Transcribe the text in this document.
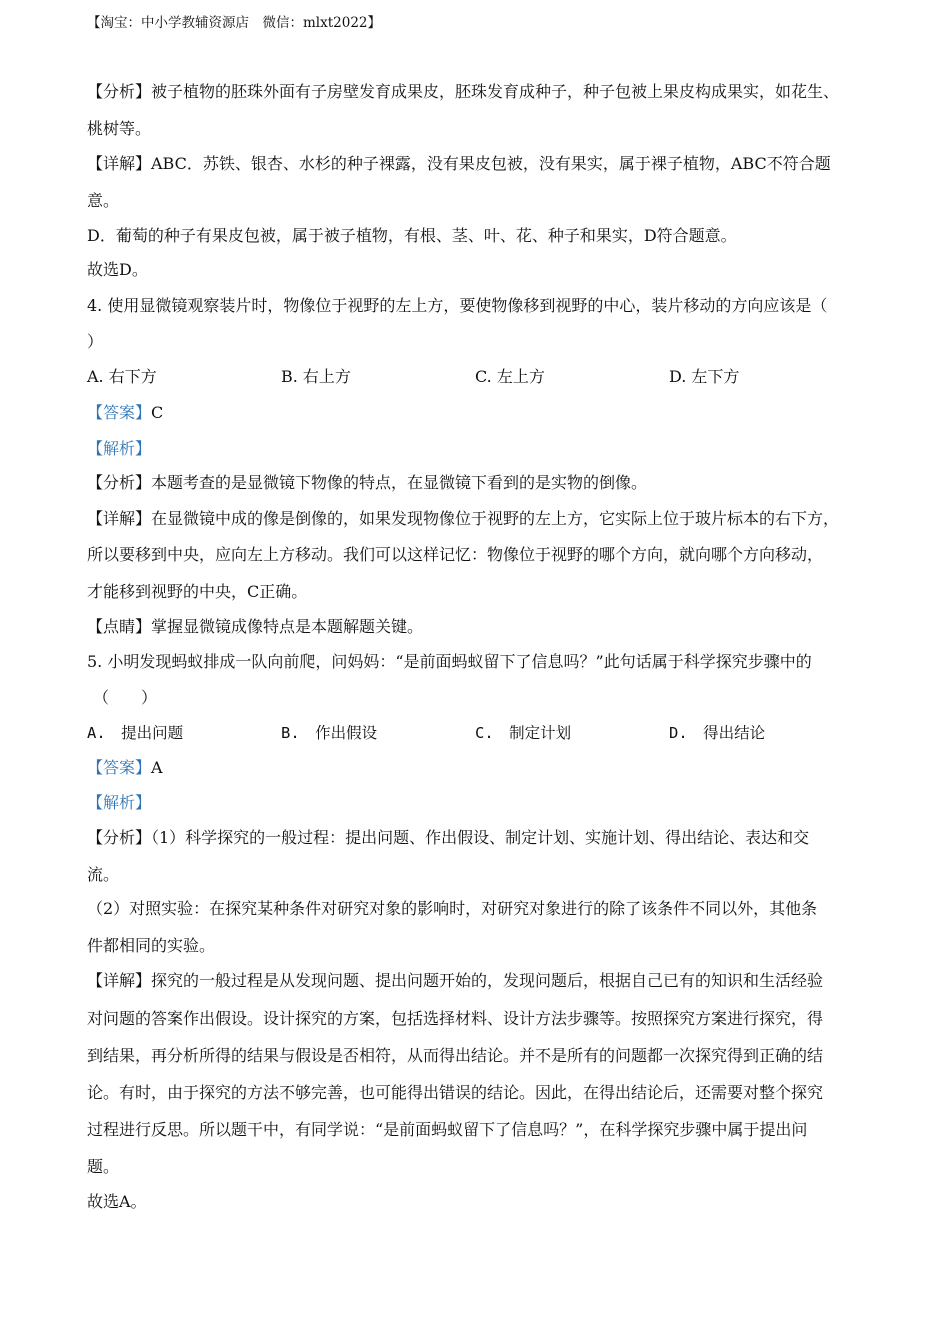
【淘宝：中小学教辅资源店　微信：mlxt2022】
【分析】被子植物的胚珠外面有子房壁发育成果皮，胚珠发育成种子，种子包被上果皮构成果实，如花生、
桃树等。
【详解】ABC．苏铁、银杏、水杉的种子裸露，没有果皮包被，没有果实，属于裸子植物，ABC不符合题
意。
D．葡萄的种子有果皮包被，属于被子植物，有根、茎、叶、花、种子和果实，D符合题意。
故选D。
4. 使用显微镜观察装片时，物像位于视野的左上方，要使物像移到视野的中心，装片移动的方向应该是（
）
A. 右下方	B. 右上方	C. 左上方	D. 左下方
【答案】C
【解析】
【分析】本题考查的是显微镜下物像的特点，在显微镜下看到的是实物的倒像。
【详解】在显微镜中成的像是倒像的，如果发现物像位于视野的左上方，它实际上位于玻片标本的右下方，
所以要移到中央，应向左上方移动。我们可以这样记忆：物像位于视野的哪个方向，就向哪个方向移动，
才能移到视野的中央，C正确。
【点睛】掌握显微镜成像特点是本题解题关键。
5. 小明发现蚂蚁排成一队向前爬，问妈妈：“是前面蚂蚁留下了信息吗？”此句话属于科学探究步骤中的
（　　）
A.　提出问题	B.　作出假设	C.　制定计划	D.　得出结论
【答案】A
【解析】
【分析】（1）科学探究的一般过程：提出问题、作出假设、制定计划、实施计划、得出结论、表达和交
流。
（2）对照实验：在探究某种条件对研究对象的影响时，对研究对象进行的除了该条件不同以外，其他条
件都相同的实验。
【详解】探究的一般过程是从发现问题、提出问题开始的，发现问题后，根据自己已有的知识和生活经验
对问题的答案作出假设。设计探究的方案，包括选择材料、设计方法步骤等。按照探究方案进行探究，得
到结果，再分析所得的结果与假设是否相符，从而得出结论。并不是所有的问题都一次探究得到正确的结
论。有时，由于探究的方法不够完善，也可能得出错误的结论。因此，在得出结论后，还需要对整个探究
过程进行反思。所以题干中，有同学说：“是前面蚂蚁留下了信息吗？”，在科学探究步骤中属于提出问
题。
故选A。
